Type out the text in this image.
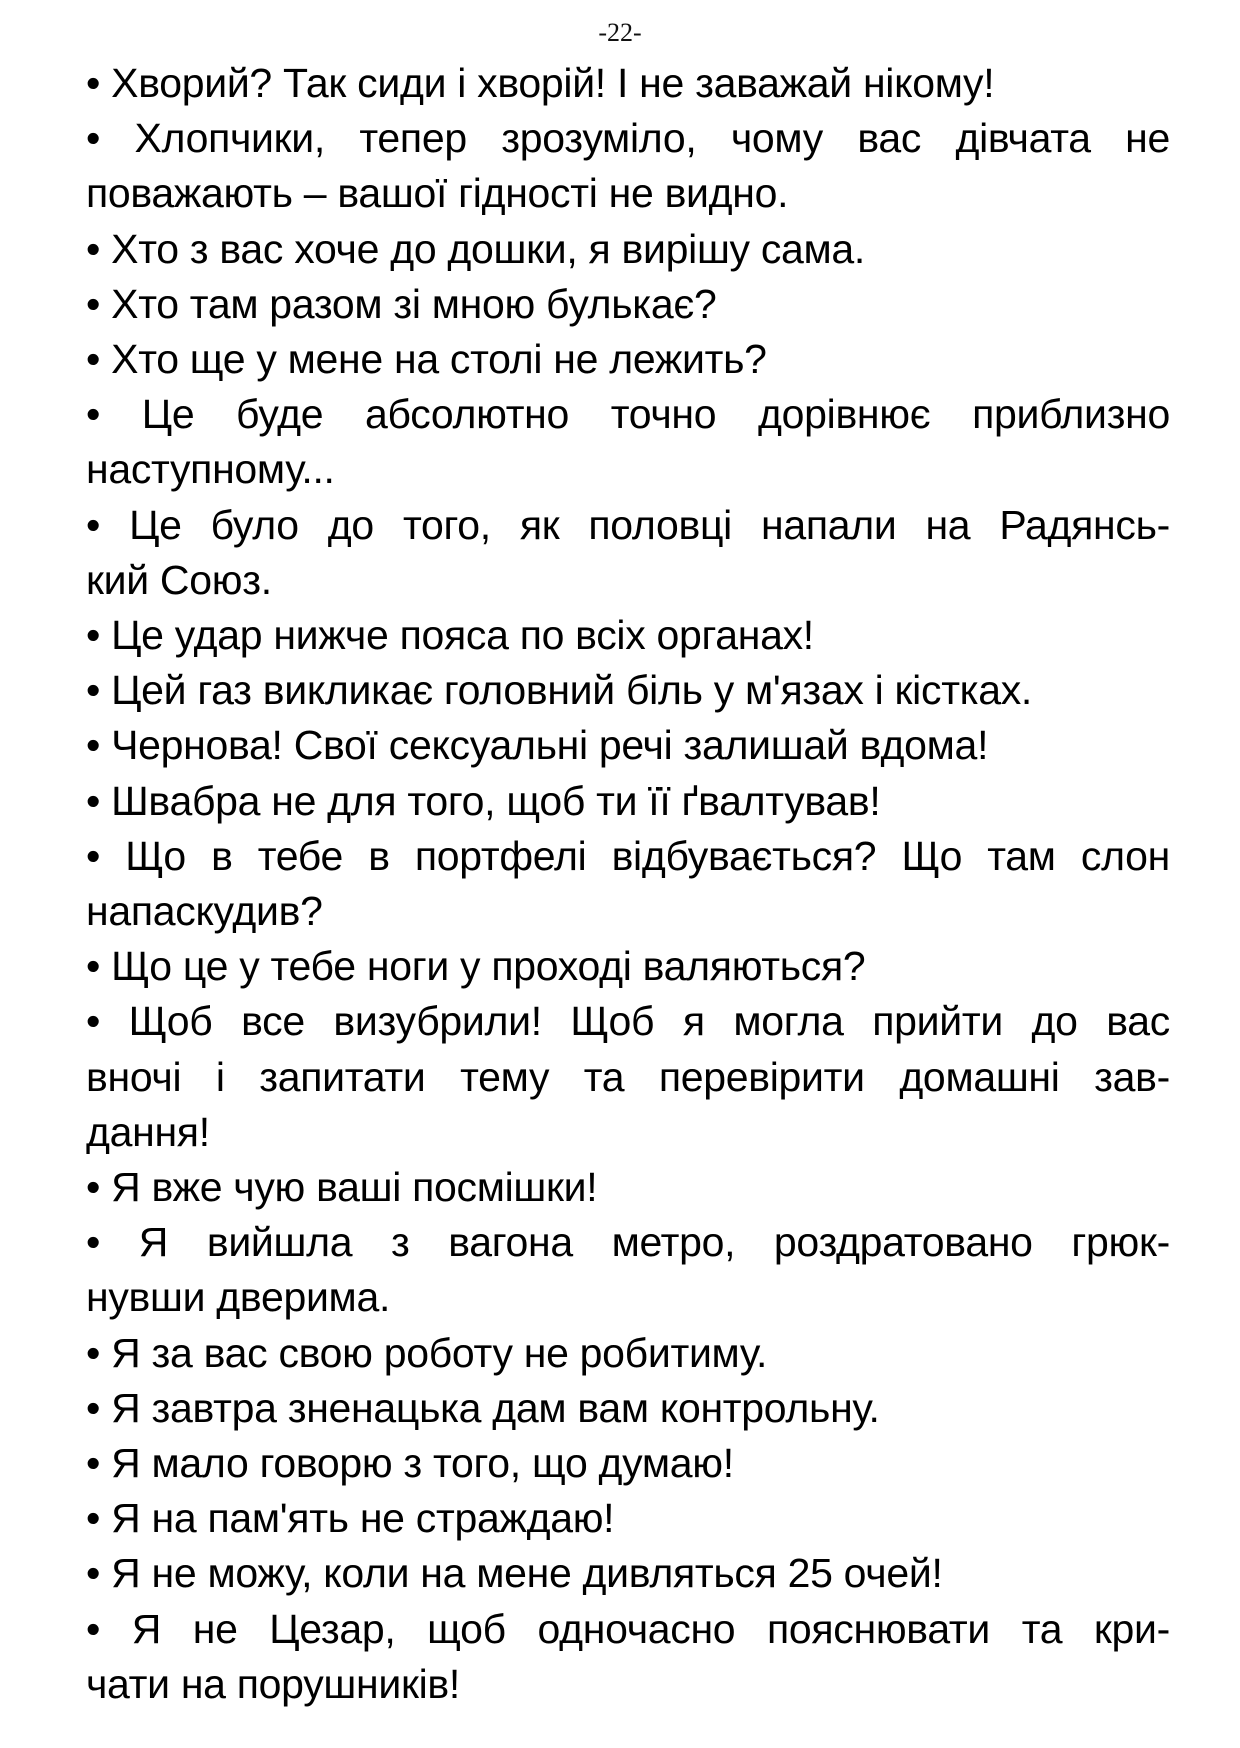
-22-
• Хворий? Так сиди і хворій! І не заважай нікому!
• Хлопчики, тепер зрозуміло, чому вас дівчата не
поважають – вашої гідності не видно.
• Хто з вас хоче до дошки, я вирішу сама.
• Хто там разом зі мною булькає?
• Хто ще у мене на столі не лежить?
• Це буде абсолютно точно дорівнює приблизно
наступному...
• Це було до того, як половці напали на Радянсь-
кий Союз.
• Це удар нижче пояса по всіх органах!
• Цей газ викликає головний біль у м'язах і кістках.
• Чернова! Свої сексуальні речі залишай вдома!
• Швабра не для того, щоб ти її ґвалтував!
• Що в тебе в портфелі відбувається? Що там слон
напаскудив?
• Що це у тебе ноги у проході валяються?
• Щоб все визубрили! Щоб я могла прийти до вас
вночі і запитати тему та перевірити домашні зав-
дання!
• Я вже чую ваші посмішки!
• Я вийшла з вагона метро, роздратовано грюк-
нувши дверима.
• Я за вас свою роботу не робитиму.
• Я завтра зненацька дам вам контрольну.
• Я мало говорю з того, що думаю!
• Я на пам'ять не страждаю!
• Я не можу, коли на мене дивляться 25 очей!
• Я не Цезар, щоб одночасно пояснювати та кри-
чати на порушників!
